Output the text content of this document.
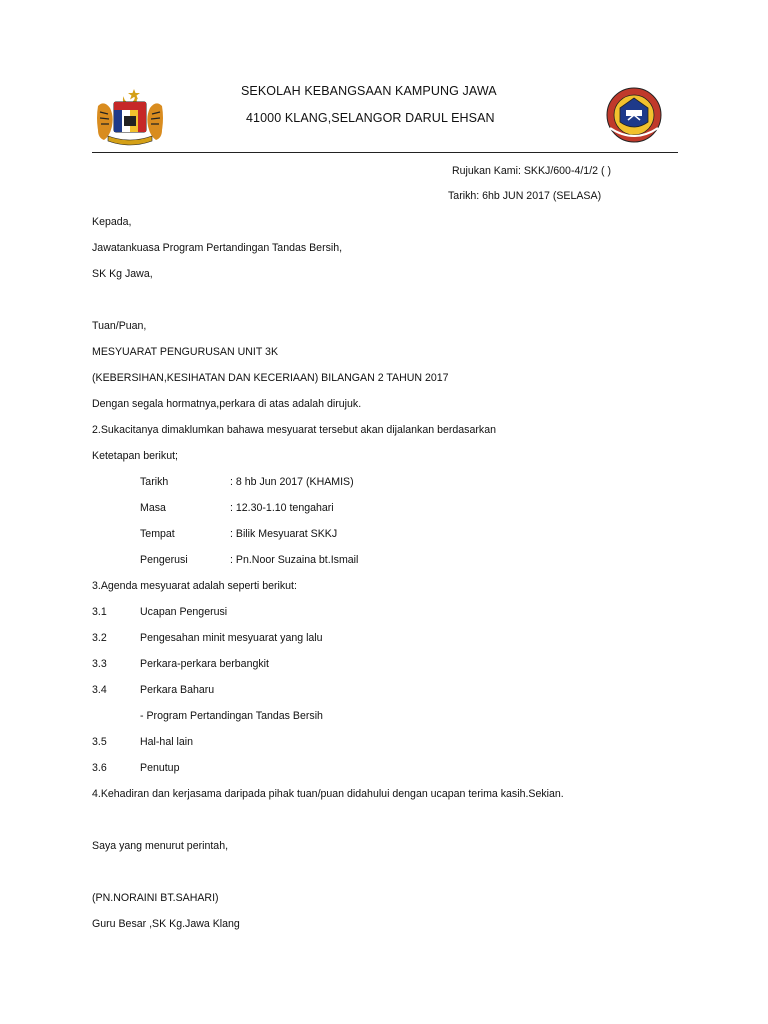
SEKOLAH KEBANGSAAN KAMPUNG JAWA
41000 KLANG,SELANGOR DARUL EHSAN
Rujukan Kami: SKKJ/600-4/1/2 ( )
Tarikh: 6hb JUN 2017 (SELASA)
Kepada,
Jawatankuasa Program Pertandingan Tandas Bersih,
SK Kg Jawa,
Tuan/Puan,
MESYUARAT PENGURUSAN UNIT 3K
(KEBERSIHAN,KESIHATAN DAN KECERIAAN) BILANGAN 2 TAHUN 2017
Dengan segala hormatnya,perkara di atas adalah dirujuk.
2.Sukacitanya dimaklumkan bahawa mesyuarat tersebut akan dijalankan berdasarkan
Ketetapan berikut;
Tarikh	: 8 hb Jun 2017 (KHAMIS)
Masa	: 12.30-1.10 tengahari
Tempat	: Bilik Mesyuarat SKKJ
Pengerusi	: Pn.Noor Suzaina bt.Ismail
3.Agenda mesyuarat adalah seperti berikut:
3.1	Ucapan Pengerusi
3.2	Pengesahan minit mesyuarat yang lalu
3.3	Perkara-perkara berbangkit
3.4	Perkara Baharu
- Program Pertandingan Tandas Bersih
3.5	Hal-hal lain
3.6	Penutup
4.Kehadiran dan kerjasama daripada pihak tuan/puan didahului dengan ucapan terima kasih.Sekian.
Saya yang menurut perintah,
(PN.NORAINI BT.SAHARI)
Guru Besar ,SK Kg.Jawa Klang
